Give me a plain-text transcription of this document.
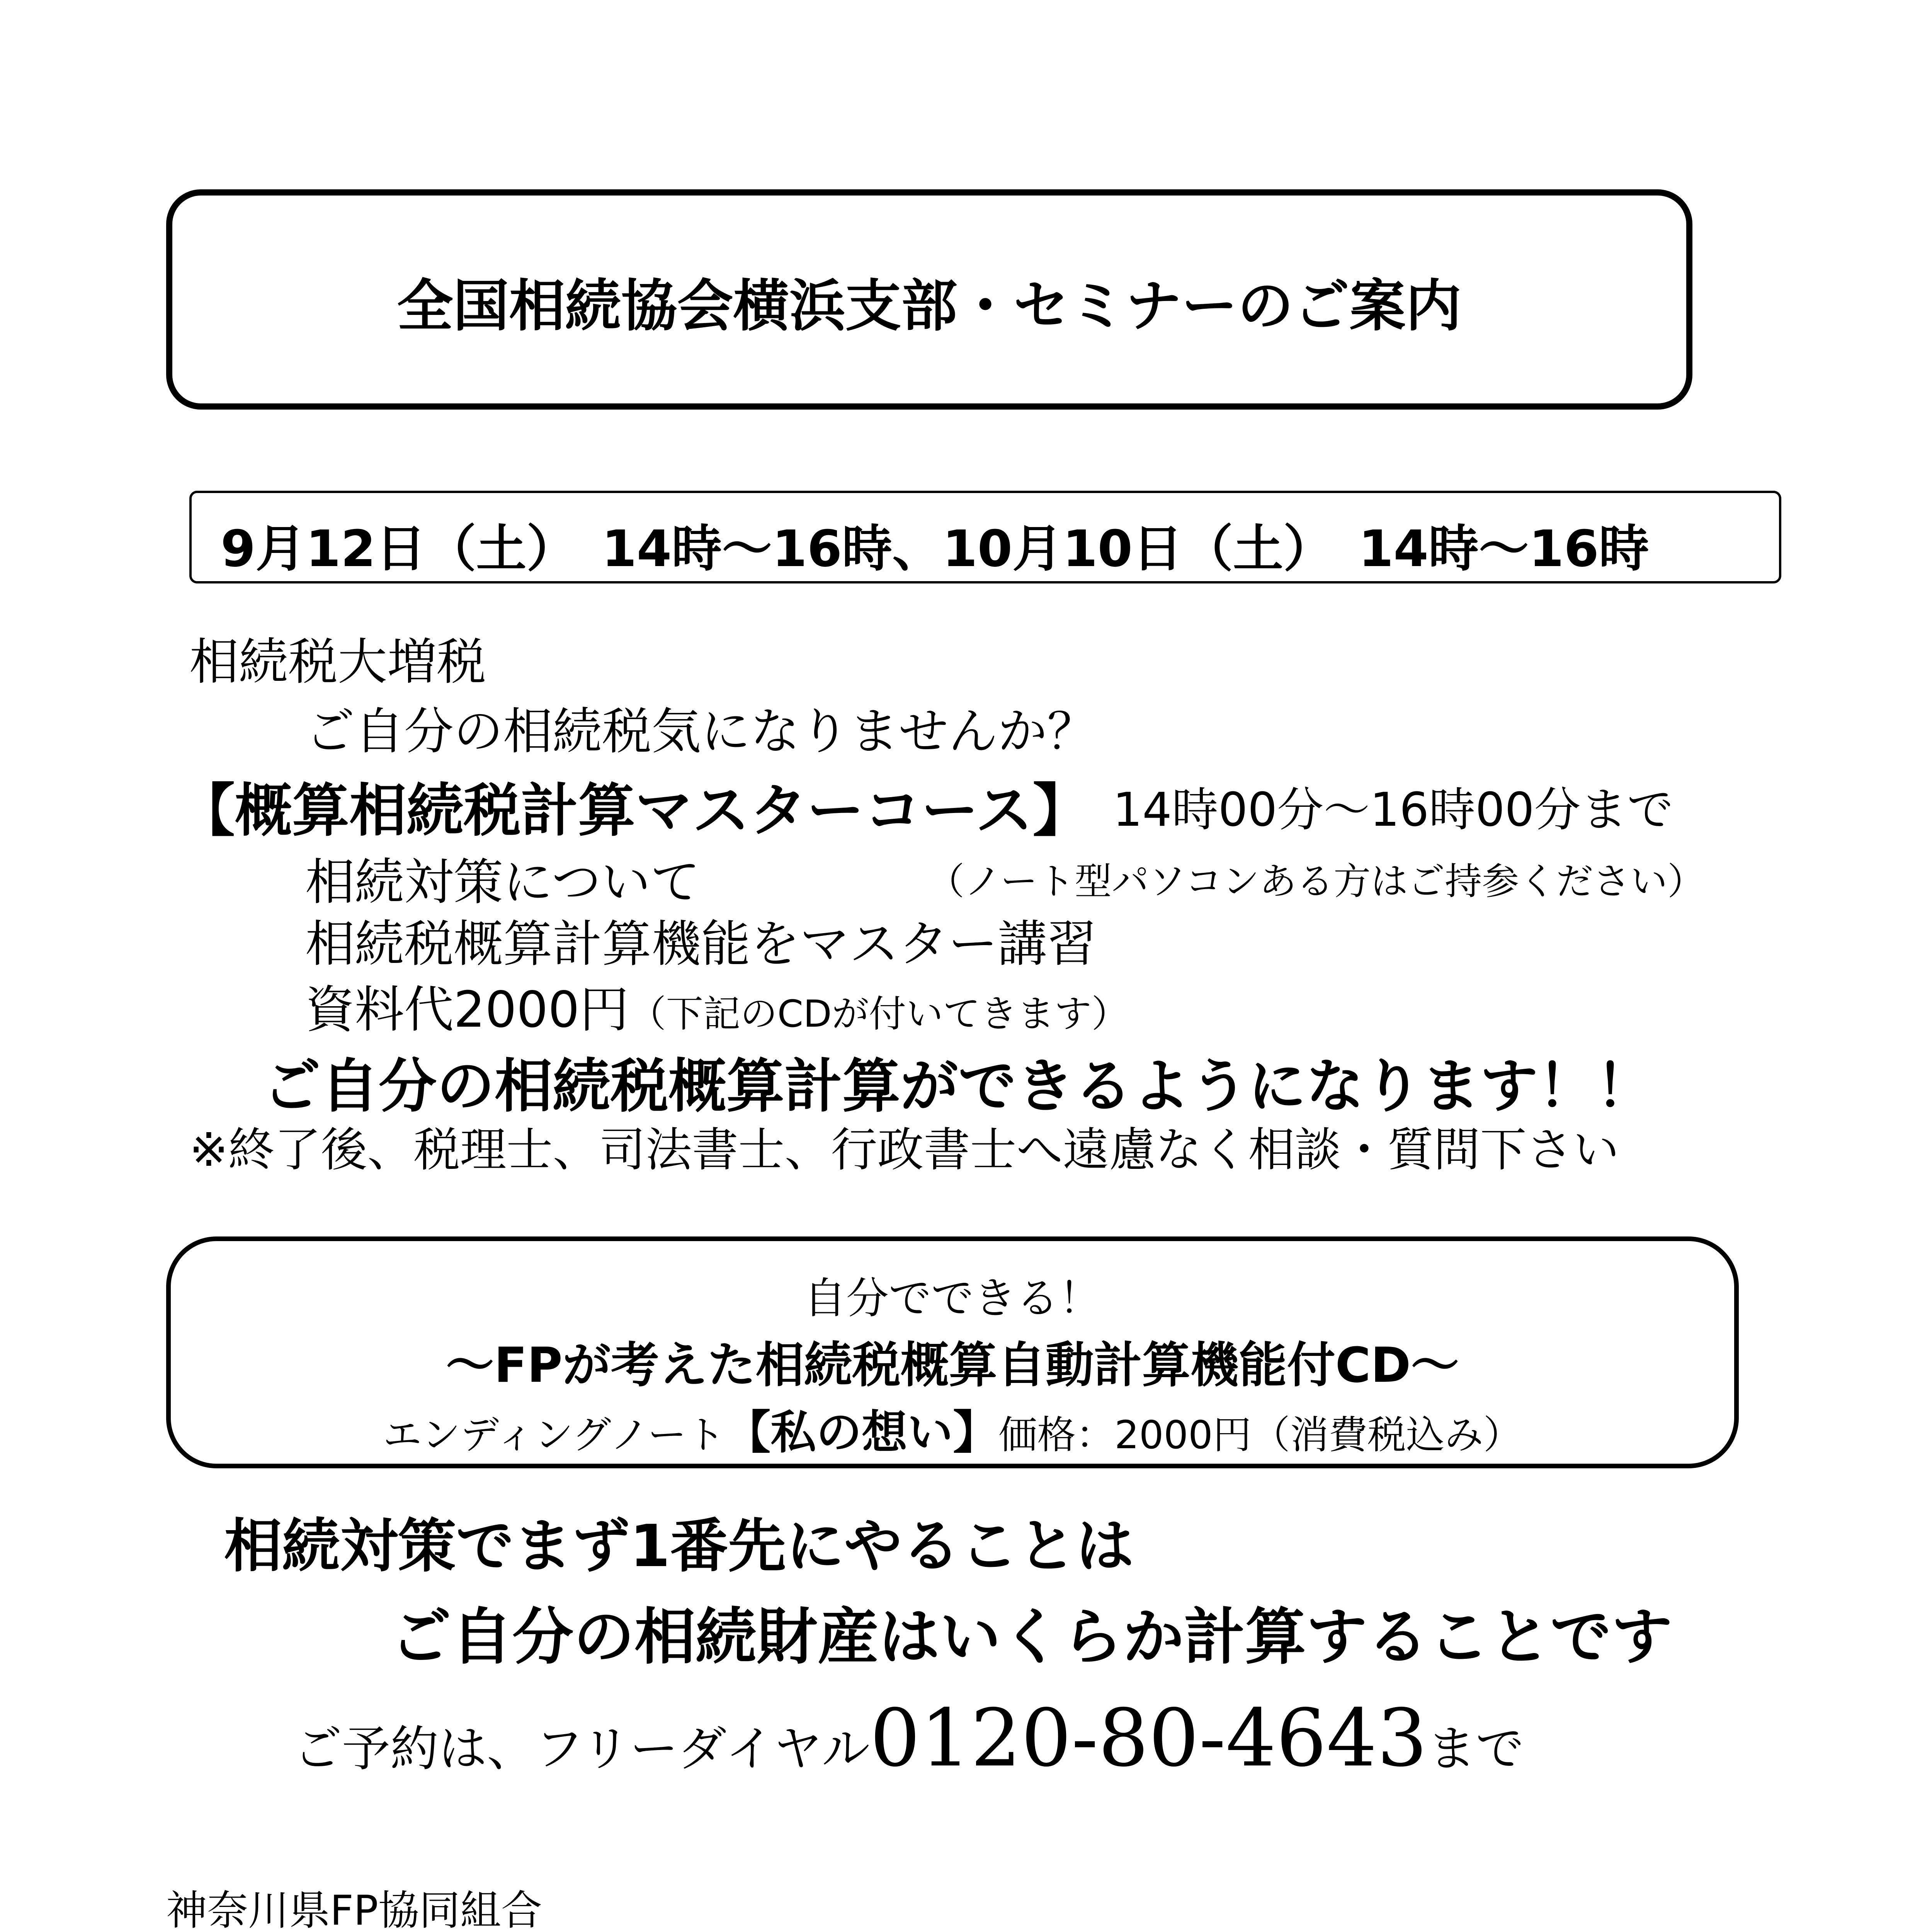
全国相続協会横浜支部・セミナーのご案内
9月12日（土）　14時～16時、10月10日（土）　14時～16時
相続税大増税
ご自分の相続税気になりませんか？
【概算相続税計算マスターコース】 14時00分～16時00分まで
相続対策について	（ノート型パソコンある方はご持参ください）
相続税概算計算機能をマスター講習
資料代2000円（下記のCDが付いてきます）
ご自分の相続税概算計算ができるようになります！！
※終了後、税理士、司法書士、行政書士へ遠慮なく相談・質問下さい
自分でできる！
～FPが考えた相続税概算自動計算機能付CD～
エンディングノート【私の想い】価格：2000円（消費税込み）
相続対策でまず1番先にやることは
ご自分の相続財産はいくらか計算することです
ご予約は、フリーダイヤル0120-80-4643まで
神奈川県FP協同組合
